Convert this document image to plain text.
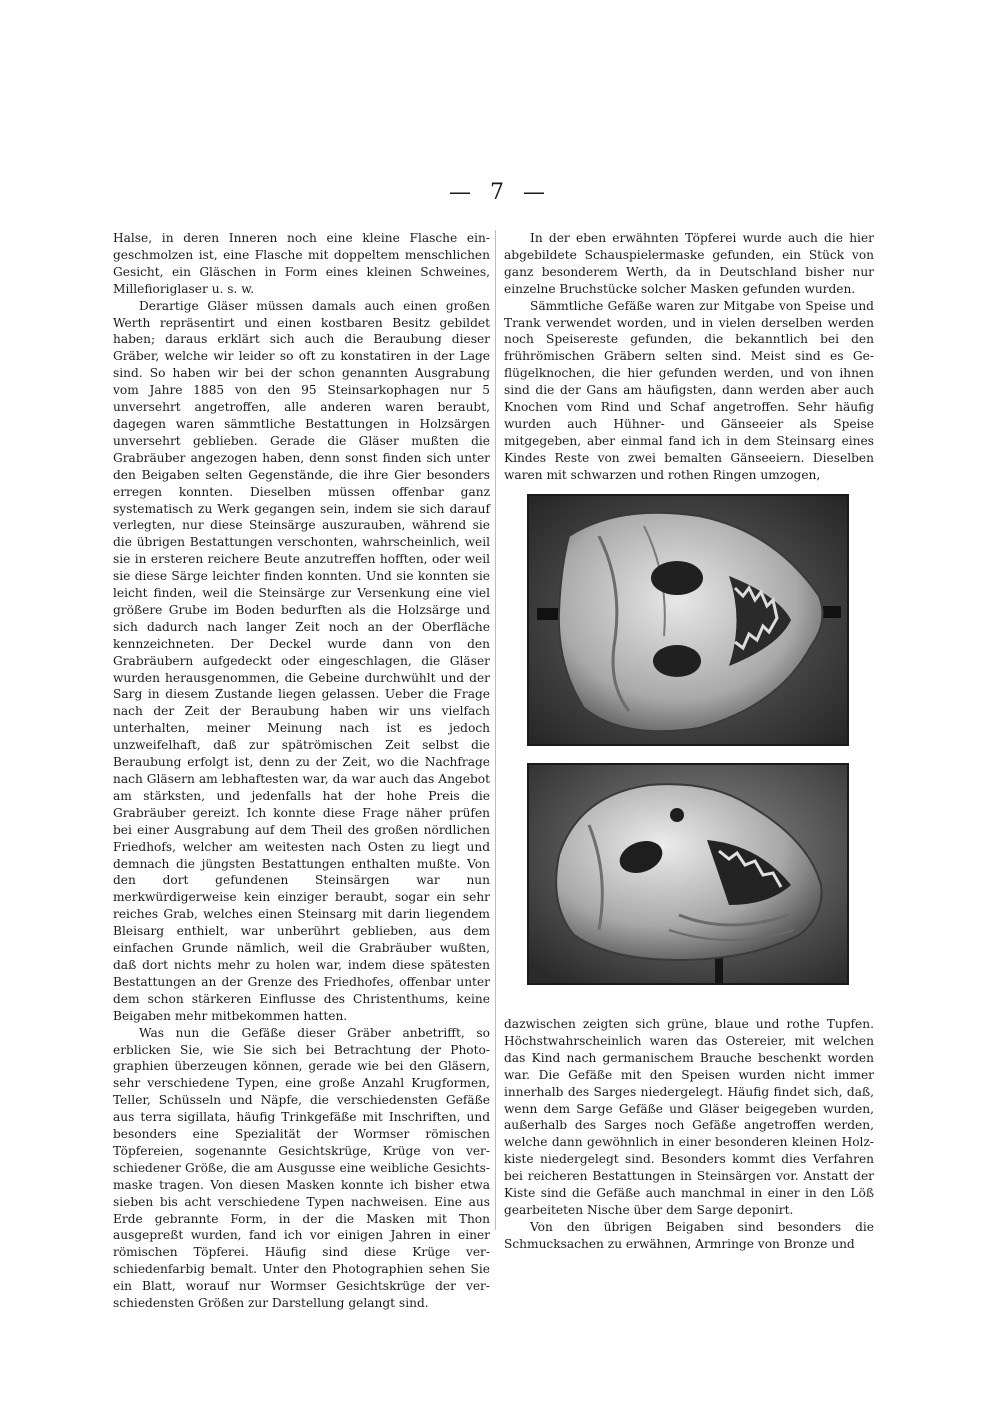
— 7 —

Halse, in deren Inneren noch eine kleine Flasche eingeschmolzen ist, eine Flasche mit doppeltem menschlichen Gesicht, ein Gläschen in Form eines kleinen Schweines, Millefioriglaser u. s. w.

Derartige Gläser müssen damals auch einen großen Werth repräsentirt und einen kostbaren Besitz gebildet haben; daraus erklärt sich auch die Beraubung dieser Gräber, welche wir leider so oft zu konstatiren in der Lage sind. So haben wir bei der schon genannten Ausgrabung vom Jahre 1885 von den 95 Steinsarkophagen nur 5 unversehrt angetroffen, alle anderen waren beraubt, dagegen waren sämmtliche Bestattungen in Holzsärgen unversehrt geblieben. Gerade die Gläser mußten die Grabräuber angezogen haben, denn sonst finden sich unter den Beigaben selten Gegenstände, die ihre Gier besonders erregen konnten. Dieselben müssen offenbar ganz systematisch zu Werk gegangen sein, indem sie sich darauf verlegten, nur diese Steinsärge auszurauben, während sie die übrigen Bestattungen verschonten, wahrscheinlich, weil sie in ersteren reichere Beute anzutreffen hofften, oder weil sie diese Särge leichter finden konnten. Und sie konnten sie leicht finden, weil die Steinsärge zur Versenkung eine viel größere Grube im Boden bedurften als die Holzsärge und sich dadurch nach langer Zeit noch an der Oberfläche kennzeichneten. Der Deckel wurde dann von den Grabräubern aufgedeckt oder eingeschlagen, die Gläser wurden herausgenommen, die Gebeine durchwühlt und der Sarg in diesem Zustande liegen gelassen. Ueber die Frage nach der Zeit der Beraubung haben wir uns vielfach unterhalten, meiner Meinung nach ist es jedoch unzweifelhaft, daß zur spätrömischen Zeit selbst die Beraubung erfolgt ist, denn zu der Zeit, wo die Nachfrage nach Gläsern am lebhaftesten war, da war auch das Angebot am stärksten, und jedenfalls hat der hohe Preis die Grabräuber gereizt. Ich konnte diese Frage näher prüfen bei einer Ausgrabung auf dem Theil des großen nördlichen Friedhofs, welcher am weitesten nach Osten zu liegt und demnach die jüngsten Bestattungen enthalten mußte. Von den dort gefundenen Steinsärgen war nun merkwürdigerweise kein einziger beraubt, sogar ein sehr reiches Grab, welches einen Steinsarg mit darin liegendem Bleisarg enthielt, war unberührt geblieben, aus dem einfachen Grunde nämlich, weil die Grabräuber wußten, daß dort nichts mehr zu holen war, indem diese spätesten Bestattungen an der Grenze des Friedhofes, offenbar unter dem schon stärkeren Einflusse des Christenthums, keine Beigaben mehr mitbekommen hatten.

Was nun die Gefäße dieser Gräber anbetrifft, so erblicken Sie, wie Sie sich bei Betrachtung der Photographien überzeugen können, gerade wie bei den Gläsern, sehr verschiedene Typen, eine große Anzahl Krugformen, Teller, Schüsseln und Näpfe, die verschiedensten Gefäße aus terra sigillata, häufig Trinkgefäße mit Inschriften, und besonders eine Spezialität der Wormser römischen Töpfereien, sogenannte Gesichtskrüge, Krüge von verschiedener Größe, die am Ausgusse eine weibliche Gesichtsmaske tragen. Von diesen Masken konnte ich bisher etwa sieben bis acht verschiedene Typen nachweisen. Eine aus Erde gebrannte Form, in der die Masken mit Thon ausgepreßt wurden, fand ich vor einigen Jahren in einer römischen Töpferei. Häufig sind diese Krüge verschiedenfarbig bemalt. Unter den Photographien sehen Sie ein Blatt, worauf nur Wormser Gesichtskrüge der verschiedensten Größen zur Darstellung gelangt sind.

In der eben erwähnten Töpferei wurde auch die hier abgebildete Schauspielermaske gefunden, ein Stück von ganz besonderem Werth, da in Deutschland bisher nur einzelne Bruchstücke solcher Masken gefunden wurden.

Sämmtliche Gefäße waren zur Mitgabe von Speise und Trank verwendet worden, und in vielen derselben werden noch Speisereste gefunden, die bekanntlich bei den frührömischen Gräbern selten sind. Meist sind es Geflügelknochen, die hier gefunden werden, und von ihnen sind die der Gans am häufigsten, dann werden aber auch Knochen vom Rind und Schaf angetroffen. Sehr häufig wurden auch Hühner- und Gänseeier als Speise mitgegeben, aber einmal fand ich in dem Steinsarg eines Kindes Reste von zwei bemalten Gänseeiern. Dieselben waren mit schwarzen und rothen Ringen umzogen,

dazwischen zeigten sich grüne, blaue und rothe Tupfen. Höchstwahrscheinlich waren das Ostereier, mit welchen das Kind nach germanischem Brauche beschenkt worden war. Die Gefäße mit den Speisen wurden nicht immer innerhalb des Sarges niedergelegt. Häufig findet sich, daß, wenn dem Sarge Gefäße und Gläser beigegeben wurden, außerhalb des Sarges noch Gefäße angetroffen werden, welche dann gewöhnlich in einer besonderen kleinen Holzkiste niedergelegt sind. Besonders kommt dies Verfahren bei reicheren Bestattungen in Steinsärgen vor. Anstatt der Kiste sind die Gefäße auch manchmal in einer in den Löß gearbeiteten Nische über dem Sarge deponirt.

Von den übrigen Beigaben sind besonders die Schmucksachen zu erwähnen, Armringe von Bronze und
